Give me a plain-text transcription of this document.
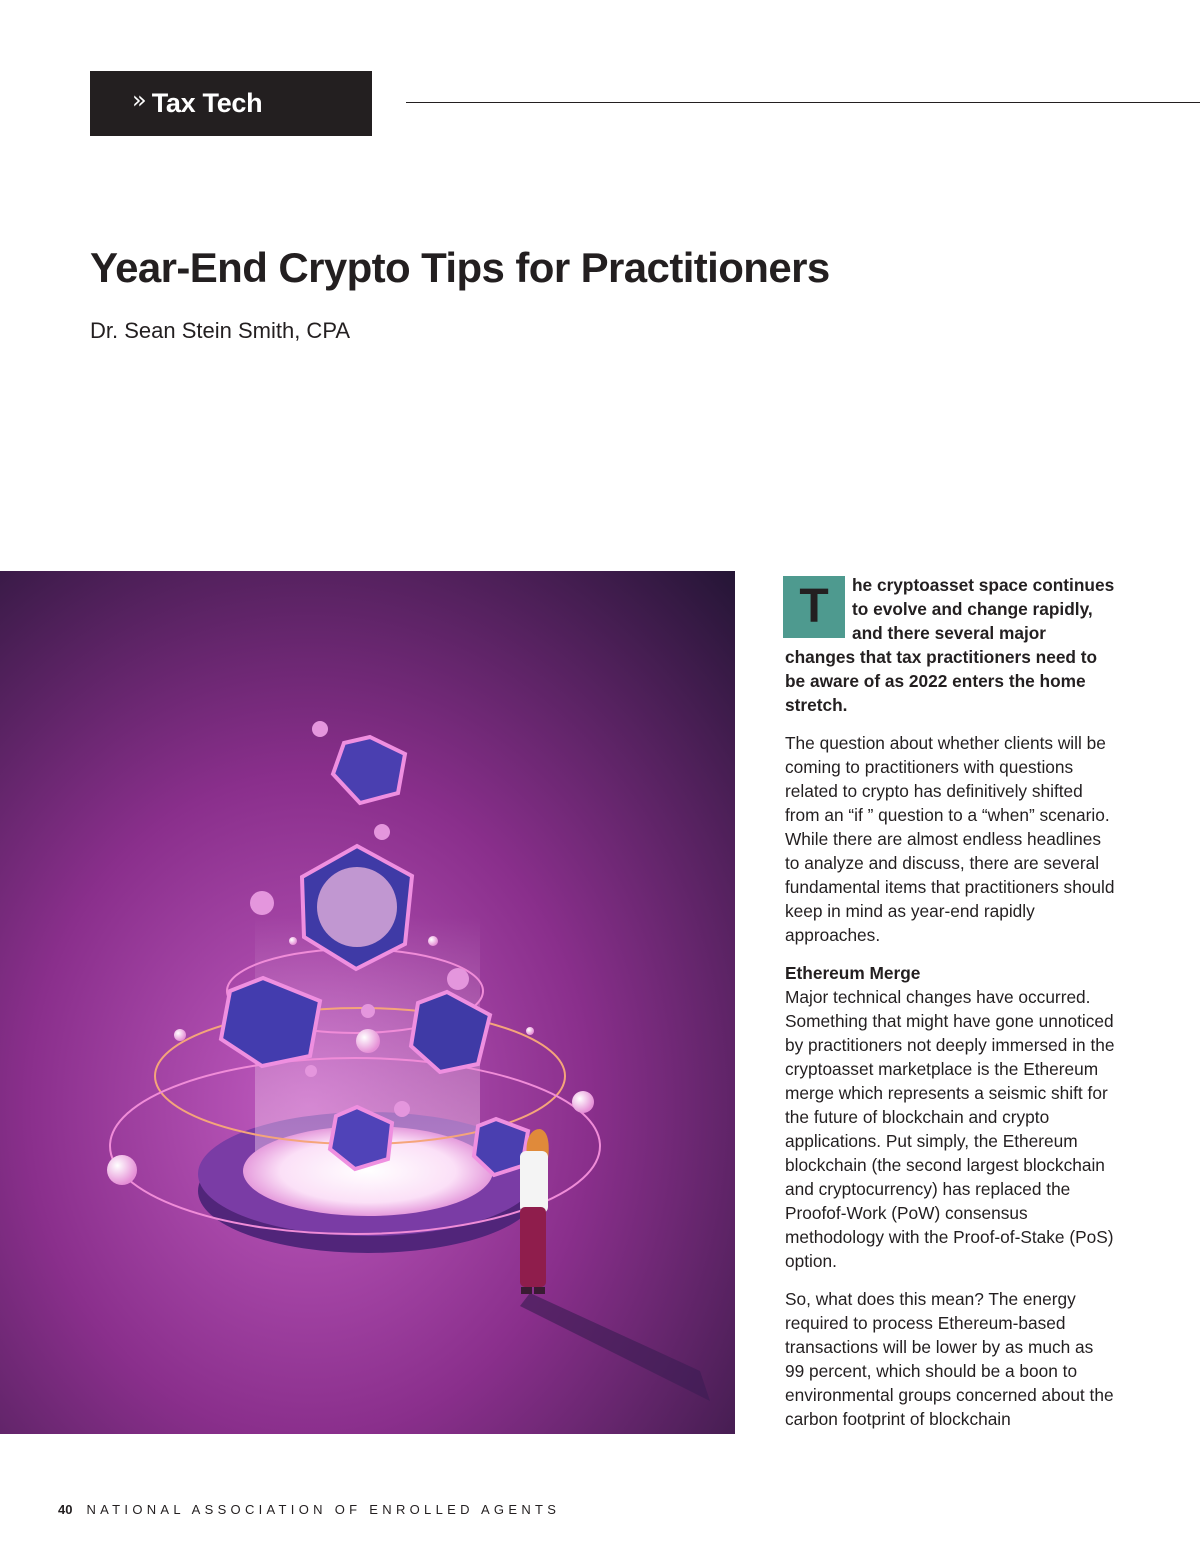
» Tax Tech
Year-End Crypto Tips for Practitioners
Dr. Sean Stein Smith, CPA

T	he cryptoasset space continues to evolve and change rapidly, and there several major changes that tax practitioners need to be aware of as 2022 enters the home stretch.

The question about whether clients will be coming to practitioners with questions related to crypto has definitively shifted from an “if ” question to a “when” scenario. While there are almost endless headlines to analyze and discuss, there are several fundamental items that practitioners should keep in mind as year-end rapidly approaches.

Ethereum Merge
Major technical changes have occurred. Something that might have gone unnoticed by practitioners not deeply immersed in the cryptoasset marketplace is the Ethereum merge which represents a seismic shift for the future of blockchain and crypto applications. Put simply, the Ethereum blockchain (the second largest blockchain and cryptocurrency) has replaced the Proofof-Work (PoW) consensus methodology with the Proof-of-Stake (PoS) option.

So, what does this mean? The energy required to process Ethereum-based transactions will be lower by as much as 99 percent, which should be a boon to environmental groups concerned about the carbon footprint of blockchain

40 NATIONAL ASSOCIATION OF ENROLLED AGENTS
